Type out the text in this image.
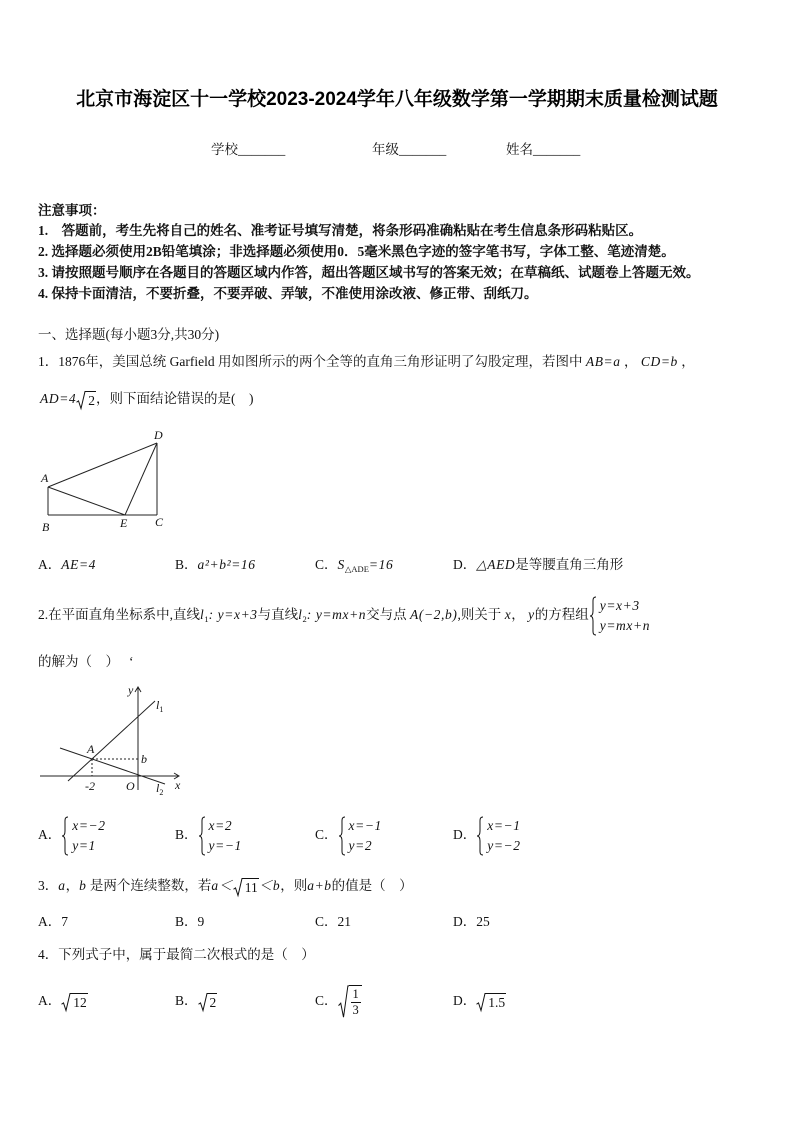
北京市海淀区十一学校2023-2024学年八年级数学第一学期期末质量检测试题
学校_______	年级_______	姓名_______
注意事项：
1.    答题前，考生先将自己的姓名、准考证号填写清楚，将条形码准确粘贴在考生信息条形码粘贴区。
2. 选择题必须使用2B铅笔填涂；非选择题必须使用0．5毫米黑色字迹的签字笔书写，字体工整、笔迹清楚。
3. 请按照题号顺序在各题目的答题区域内作答，超出答题区域书写的答案无效；在草稿纸、试题卷上答题无效。
4. 保持卡面清洁，不要折叠，不要弄破、弄皱，不准使用涂改液、修正带、刮纸刀。
一、选择题(每小题3分,共30分)
1．1876年，美国总统 Garfield 用如图所示的两个全等的直角三角形证明了勾股定理，若图中 AB=a ， CD=b ，
AD=4 2，则下面结论错误的是(    )
A
B	E C
D
A．AE=4	B．a²+b²=16	C．$S_{\triangle ADE}=16$	D．△AED是等腰直角三角形
2.在平面直角坐标系中,直线$l_1$: y=x+3与直线$l_2$: y=mx+n交与点 A(−2,b),则关于 x， y的方程组
y=x+3
y=mx+n
的解为（    ） ‘
y
x
$l_1$
$l_2$
A
b
-2	O
A．
x=−2
y=1
B．
x=2
y=−1
C．
x=−1
y=2
D．
x=−1
y=−2
3．a，b 是两个连续整数，若a＜ 11＜b，则a+b的值是（    ）
A．7	B．9	C．21	D．25
4．下列式子中，属于最简二次根式的是（    ）
A． 12	B． 2	C． $\frac{1}{3}$	D． 1.5
